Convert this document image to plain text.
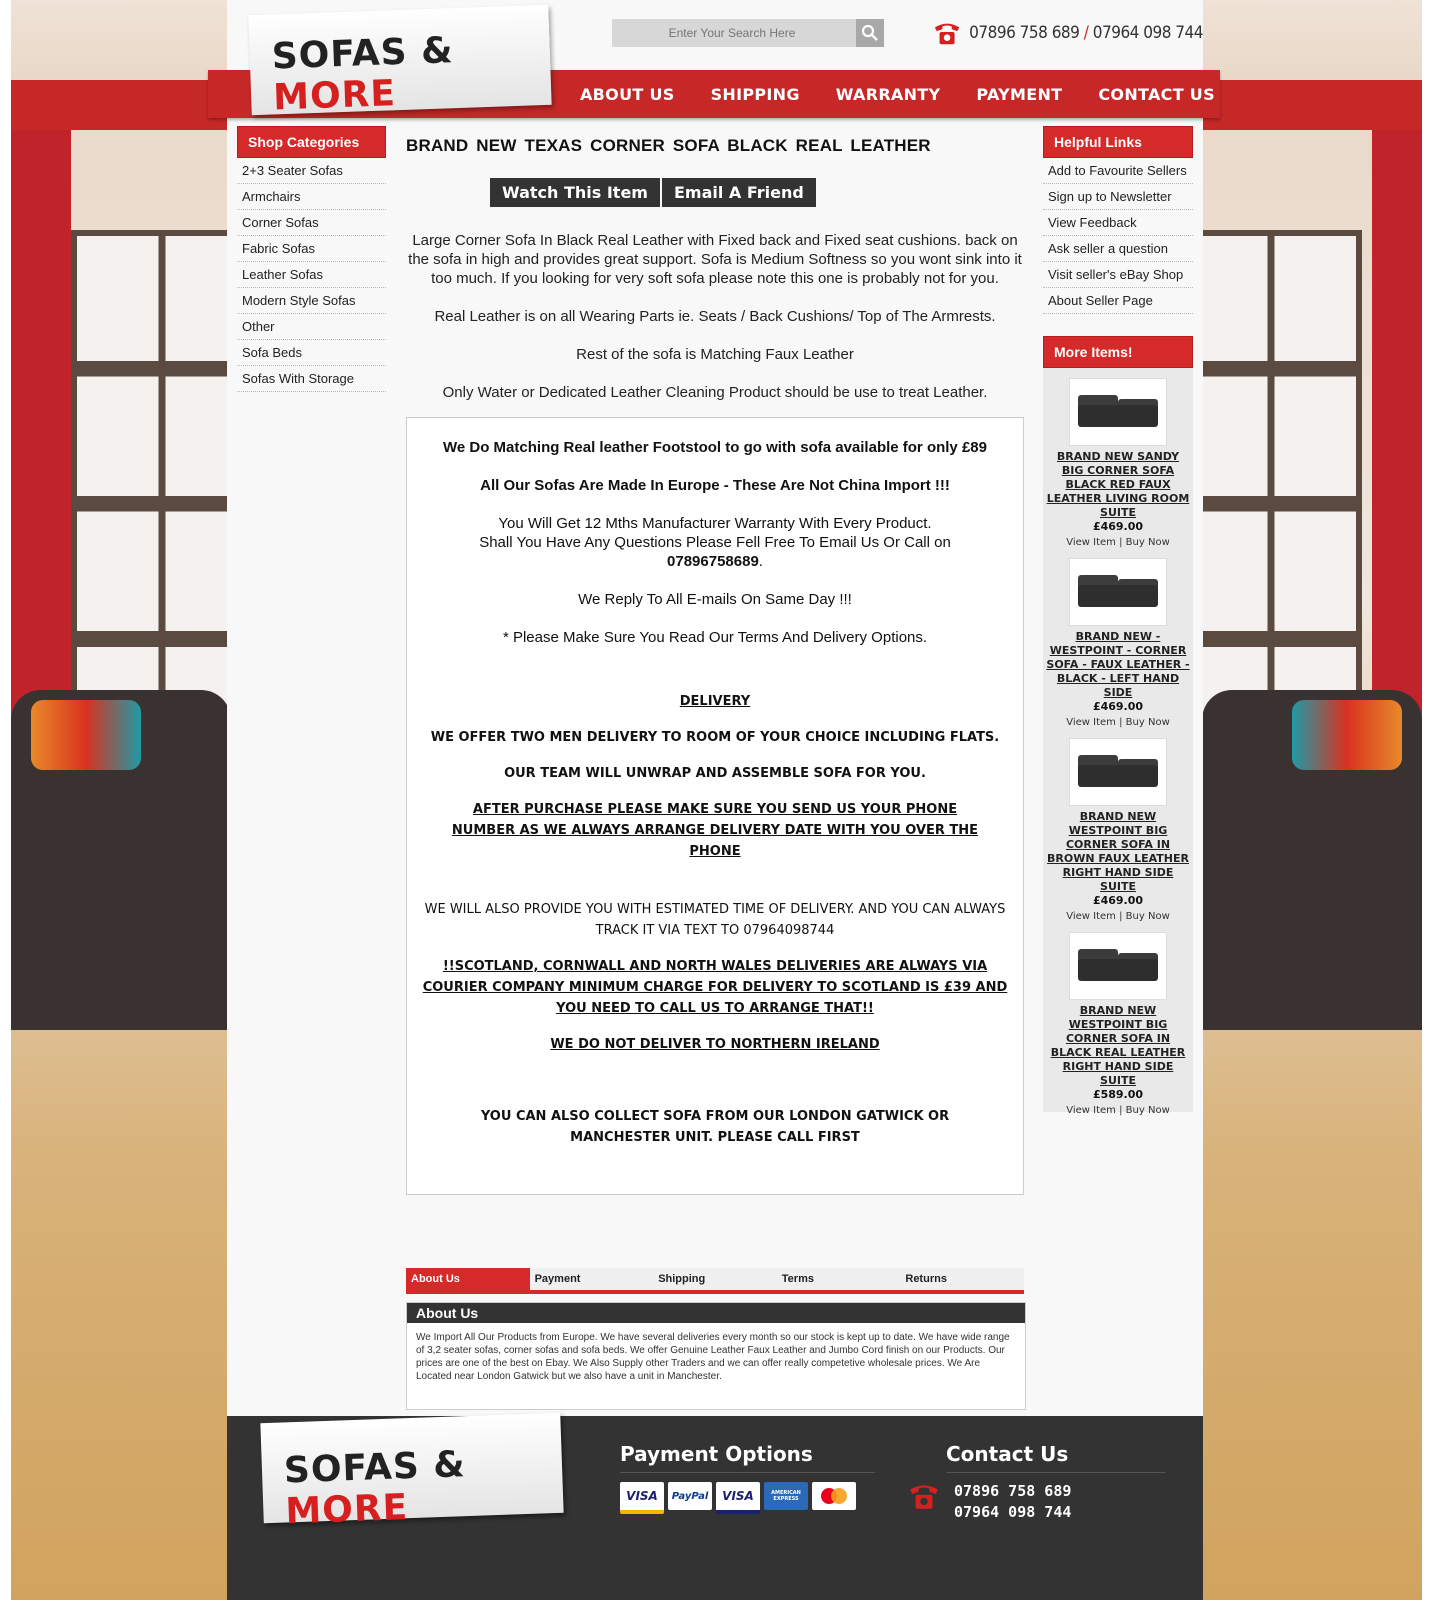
SOFAS & MORE
Enter Your Search Here
07896 758 689 / 07964 098 744
ABOUT US SHIPPING WARRANTY PAYMENT CONTACT US
Shop Categories
2+3 Seater Sofas
Armchairs
Corner Sofas
Fabric Sofas
Leather Sofas
Modern Style Sofas
Other
Sofa Beds
Sofas With Storage
BRAND NEW TEXAS CORNER SOFA BLACK REAL LEATHER
Watch This Item	Email A Friend

Large Corner Sofa In Black Real Leather with Fixed back and Fixed seat cushions. back on the sofa in high and provides great support. Sofa is Medium Softness so you wont sink into it too much. If you looking for very soft sofa please note this one is probably not for you.

Real Leather is on all Wearing Parts ie. Seats / Back Cushions/ Top of The Armrests.

Rest of the sofa is Matching Faux Leather

Only Water or Dedicated Leather Cleaning Product should be use to treat Leather.

We Do Matching Real leather Footstool to go with sofa available for only £89

All Our Sofas Are Made In Europe - These Are Not China Import !!!

You Will Get 12 Mths Manufacturer Warranty With Every Product.
Shall You Have Any Questions Please Fell Free To Email Us Or Call on
07896758689.

We Reply To All E-mails On Same Day !!!

* Please Make Sure You Read Our Terms And Delivery Options.

DELIVERY

WE OFFER TWO MEN DELIVERY TO ROOM OF YOUR CHOICE INCLUDING FLATS.

OUR TEAM WILL UNWRAP AND ASSEMBLE SOFA FOR YOU.

AFTER PURCHASE PLEASE MAKE SURE YOU SEND US YOUR PHONE NUMBER AS WE ALWAYS ARRANGE DELIVERY DATE WITH YOU OVER THE PHONE

WE WILL ALSO PROVIDE YOU WITH ESTIMATED TIME OF DELIVERY. AND YOU CAN ALWAYS TRACK IT VIA TEXT TO 07964098744

!!SCOTLAND, CORNWALL AND NORTH WALES DELIVERIES ARE ALWAYS VIA COURIER COMPANY MINIMUM CHARGE FOR DELIVERY TO SCOTLAND IS £39 AND YOU NEED TO CALL US TO ARRANGE THAT!!

WE DO NOT DELIVER TO NORTHERN IRELAND

YOU CAN ALSO COLLECT SOFA FROM OUR LONDON GATWICK OR MANCHESTER UNIT. PLEASE CALL FIRST

Helpful Links
Add to Favourite Sellers
Sign up to Newsletter
View Feedback
Ask seller a question
Visit seller's eBay Shop
About Seller Page
More Items!
BRAND NEW SANDY BIG CORNER SOFA BLACK RED FAUX LEATHER LIVING ROOM SUITE
£469.00
View Item | Buy Now
BRAND NEW - WESTPOINT - CORNER SOFA - FAUX LEATHER - BLACK - LEFT HAND SIDE
£469.00
View Item | Buy Now
BRAND NEW WESTPOINT BIG CORNER SOFA IN BROWN FAUX LEATHER RIGHT HAND SIDE SUITE
£469.00
View Item | Buy Now
BRAND NEW WESTPOINT BIG CORNER SOFA IN BLACK REAL LEATHER RIGHT HAND SIDE SUITE
£589.00
View Item | Buy Now
About Us	Payment	Shipping	Terms	Returns
About Us
We Import All Our Products from Europe. We have several deliveries every month so our stock is kept up to date. We have wide range of 3,2 seater sofas, corner sofas and sofa beds. We offer Genuine Leather Faux Leather and Jumbo Cord finish on our Products. Our prices are one of the best on Ebay. We Also Supply other Traders and we can offer really competetive wholesale prices. We Are Located near London Gatwick but we also have a unit in Manchester.
SOFAS & MORE
Payment Options
VISA	PayPal	VISA	AMERICAN EXPRESS
Contact Us
07896 758 689
07964 098 744
